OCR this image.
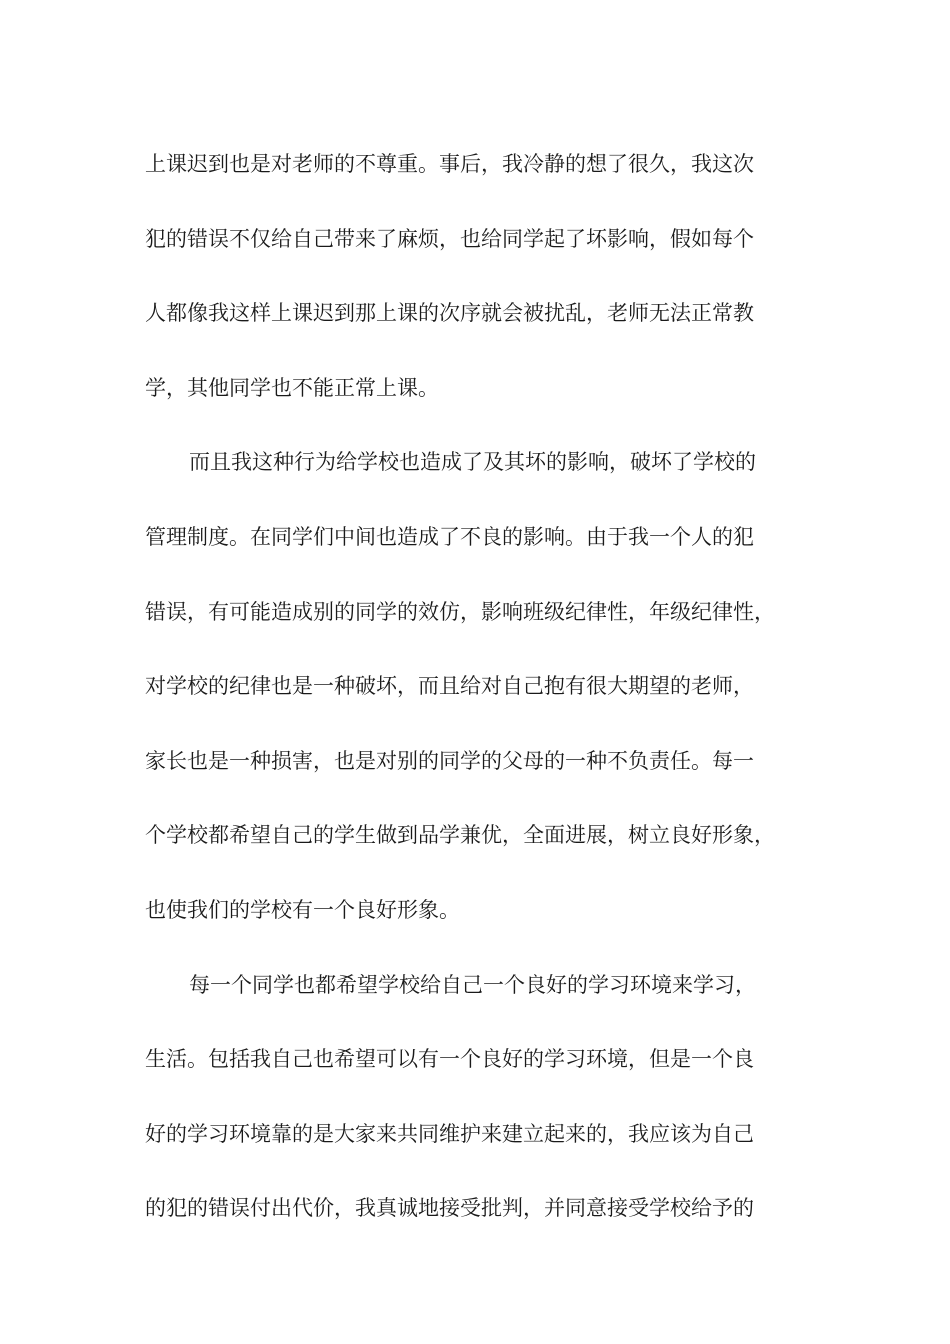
上课迟到也是对老师的不尊重。事后，我冷静的想了很久，我这次
犯的错误不仅给自己带来了麻烦，也给同学起了坏影响，假如每个
人都像我这样上课迟到那上课的次序就会被扰乱，老师无法正常教
学，其他同学也不能正常上课。
而且我这种行为给学校也造成了及其坏的影响，破坏了学校的
管理制度。在同学们中间也造成了不良的影响。由于我一个人的犯
错误，有可能造成别的同学的效仿，影响班级纪律性，年级纪律性，
对学校的纪律也是一种破坏，而且给对自己抱有很大期望的老师，
家长也是一种损害，也是对别的同学的父母的一种不负责任。每一
个学校都希望自己的学生做到品学兼优，全面进展，树立良好形象，
也使我们的学校有一个良好形象。
每一个同学也都希望学校给自己一个良好的学习环境来学习，
生活。包括我自己也希望可以有一个良好的学习环境，但是一个良
好的学习环境靠的是大家来共同维护来建立起来的，我应该为自己
的犯的错误付出代价，我真诚地接受批判，并同意接受学校给予的
